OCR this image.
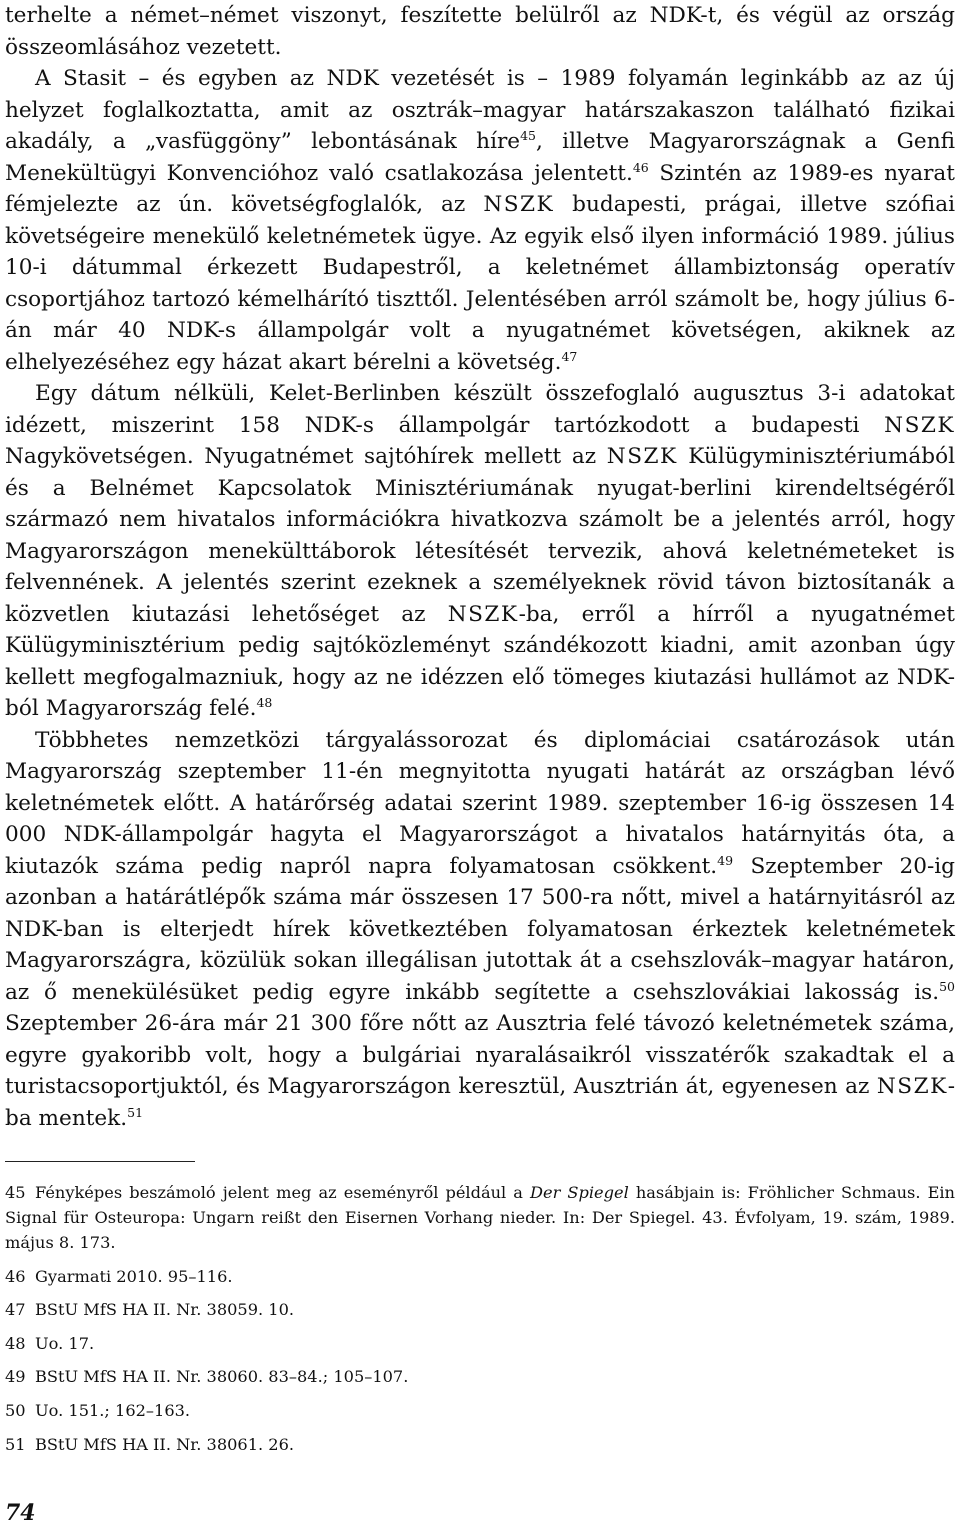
terhelte a német–német viszonyt, feszítette belülről az NDK-t, és végül az ország összeomlásához vezetett.

A Stasit – és egyben az NDK vezetését is – 1989 folyamán leginkább az az új helyzet foglalkoztatta, amit az osztrák–magyar határszakaszon található fizikai akadály, a „vasfüggöny” lebontásának híre$^{45}$, illetve Magyarországnak a Genfi Menekültügyi Konvencióhoz való csatlakozása jelentett.$^{46}$ Szintén az 1989-es nyarat fémjelezte az ún. követségfoglalók, az NSZK budapesti, prágai, illetve szófiai követségeire menekülő keletnémetek ügye. Az egyik első ilyen információ 1989. július 10-i dátummal érkezett Budapestről, a keletnémet állambiztonság operatív csoportjához tartozó kémelhárító tiszttől. Jelentésében arról számolt be, hogy július 6-án már 40 NDK-s állampolgár volt a nyugatnémet követségen, akiknek az elhelyezéséhez egy házat akart bérelni a követség.$^{47}$

Egy dátum nélküli, Kelet-Berlinben készült összefoglaló augusztus 3-i adatokat idézett, miszerint 158 NDK-s állampolgár tartózkodott a budapesti NSZK Nagykövetségen. Nyugatnémet sajtóhírek mellett az NSZK Külügyminisztériumából és a Belnémet Kapcsolatok Minisztériumának nyugat-berlini kirendeltségéről származó nem hivatalos információkra hivatkozva számolt be a jelentés arról, hogy Magyarországon menekülttáborok létesítését tervezik, ahová keletnémeteket is felvennének. A jelentés szerint ezeknek a személyeknek rövid távon biztosítanák a közvetlen kiutazási lehetőséget az NSZK-ba, erről a hírről a nyugatnémet Külügyminisztérium pedig sajtóközleményt szándékozott kiadni, amit azonban úgy kellett megfogalmazniuk, hogy az ne idézzen elő tömeges kiutazási hullámot az NDK-ból Magyarország felé.$^{48}$

Többhetes nemzetközi tárgyalássorozat és diplomáciai csatározások után Magyarország szeptember 11-én megnyitotta nyugati határát az országban lévő keletnémetek előtt. A határőrség adatai szerint 1989. szeptember 16-ig összesen 14 000 NDK-állampolgár hagyta el Magyarországot a hivatalos határnyitás óta, a kiutazók száma pedig napról napra folyamatosan csökkent.$^{49}$ Szeptember 20-ig azonban a határátlépők száma már összesen 17 500-ra nőtt, mivel a határnyitásról az NDK-ban is elterjedt hírek következtében folyamatosan érkeztek keletnémetek Magyarországra, közülük sokan illegálisan jutottak át a csehszlovák–magyar határon, az ő menekülésüket pedig egyre inkább segítette a csehszlovákiai lakosság is.$^{50}$ Szeptember 26-ára már 21 300 főre nőtt az Ausztria felé távozó keletnémetek száma, egyre gyakoribb volt, hogy a bulgáriai nyaralásaikról visszatérők szakadtak el a turistacsoportjuktól, és Magyarországon keresztül, Ausztrián át, egyenesen az NSZK-ba mentek.$^{51}$

45 Fényképes beszámoló jelent meg az eseményről például a Der Spiegel hasábjain is: Fröhlicher Schmaus. Ein Signal für Osteuropa: Ungarn reißt den Eisernen Vorhang nieder. In: Der Spiegel. 43. Évfolyam, 19. szám, 1989. május 8. 173.

46 Gyarmati 2010. 95–116.

47 BStU MfS HA II. Nr. 38059. 10.

48 Uo. 17.

49 BStU MfS HA II. Nr. 38060. 83–84.; 105–107.

50 Uo. 151.; 162–163.

51 BStU MfS HA II. Nr. 38061. 26.

74
